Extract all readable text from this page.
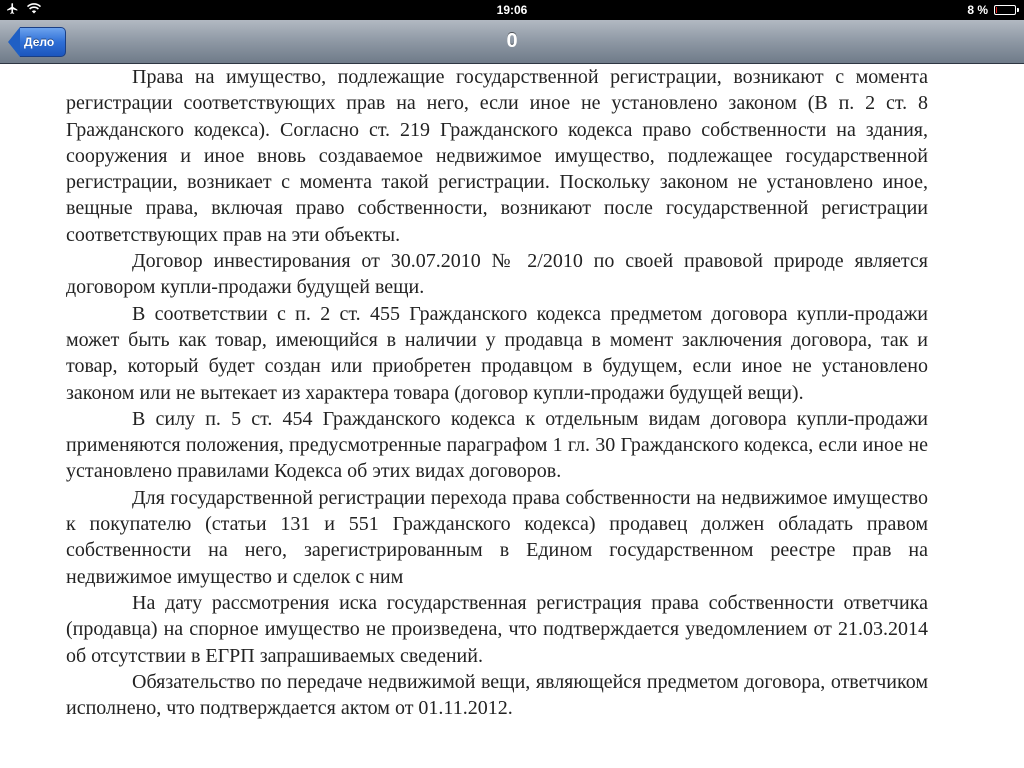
19:06	8 %
0
Дело

Права на имущество, подлежащие государственной регистрации, возникают с момента регистрации соответствующих прав на него, если иное не установлено законом (В п. 2 ст. 8 Гражданского кодекса). Согласно ст. 219 Гражданского кодекса право собственности на здания, сооружения и иное вновь создаваемое недвижимое имущество, подлежащее государственной регистрации, возникает с момента такой регистрации. Поскольку законом не установлено иное, вещные права, включая право собственности, возникают после государственной регистрации соответствующих прав на эти объекты.

Договор инвестирования от 30.07.2010 № 2/2010 по своей правовой природе является договором купли-продажи будущей вещи.

В соответствии с п. 2 ст. 455 Гражданского кодекса предметом договора купли-продажи может быть как товар, имеющийся в наличии у продавца в момент заключения договора, так и товар, который будет создан или приобретен продавцом в будущем, если иное не установлено законом или не вытекает из характера товара (договор купли-продажи будущей вещи).

В силу п. 5 ст. 454 Гражданского кодекса к отдельным видам договора купли-продажи применяются положения, предусмотренные параграфом 1 гл. 30 Гражданского кодекса, если иное не установлено правилами Кодекса об этих видах договоров.

Для государственной регистрации перехода права собственности на недвижимое имущество к покупателю (статьи 131 и 551 Гражданского кодекса) продавец должен обладать правом собственности на него, зарегистрированным в Едином государственном реестре прав на недвижимое имущество и сделок с ним

На дату рассмотрения иска государственная регистрация права собственности ответчика (продавца) на спорное имущество не произведена, что подтверждается уведомлением от 21.03.2014 об отсутствии в ЕГРП запрашиваемых сведений.

Обязательство по передаче недвижимой вещи, являющейся предметом договора, ответчиком исполнено, что подтверждается актом от 01.11.2012.
